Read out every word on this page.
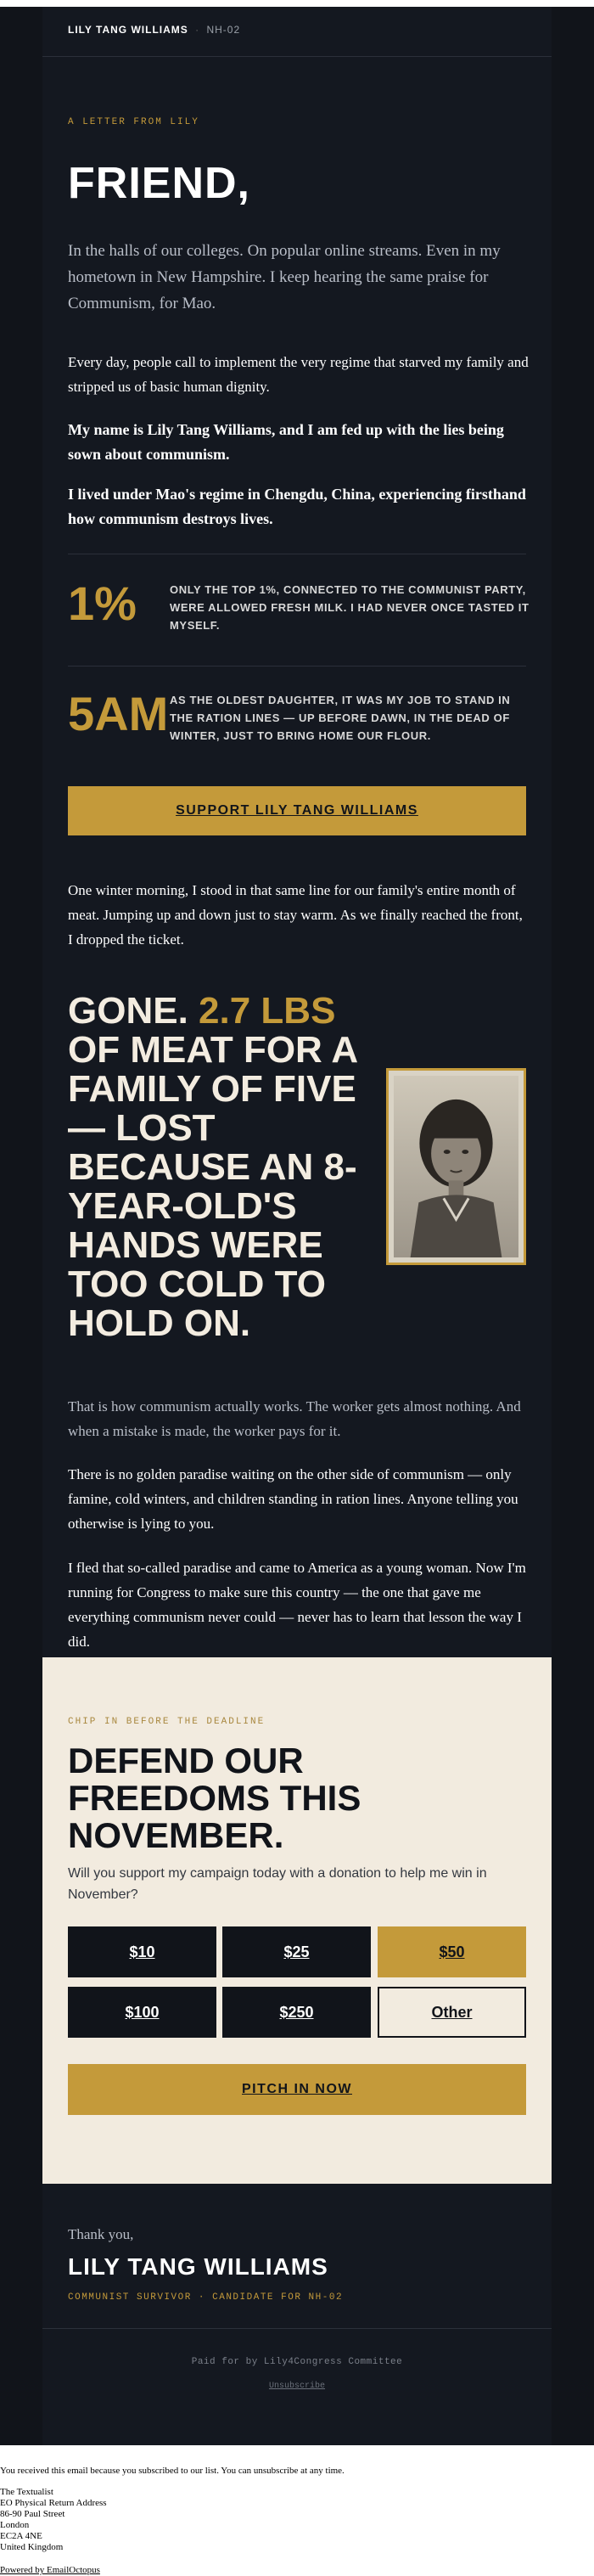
LILY TANG WILLIAMS · NH-02
A LETTER FROM LILY
FRIEND,
In the halls of our colleges. On popular online streams. Even in my hometown in New Hampshire. I keep hearing the same praise for Communism, for Mao.
Every day, people call to implement the very regime that starved my family and stripped us of basic human dignity.
My name is Lily Tang Williams, and I am fed up with the lies being sown about communism.
I lived under Mao's regime in Chengdu, China, experiencing firsthand how communism destroys lives.
1%	ONLY THE TOP 1%, CONNECTED TO THE COMMUNIST PARTY, WERE ALLOWED FRESH MILK. I HAD NEVER ONCE TASTED IT MYSELF.
5AM AS THE OLDEST DAUGHTER, IT WAS MY JOB TO STAND IN THE RATION LINES — UP BEFORE DAWN, IN THE DEAD OF WINTER, JUST TO BRING HOME OUR FLOUR.
SUPPORT LILY TANG WILLIAMS
One winter morning, I stood in that same line for our family's entire month of meat. Jumping up and down just to stay warm. As we finally reached the front, I dropped the ticket.
GONE. 2.7 LBS OF MEAT FOR A FAMILY OF FIVE — LOST BECAUSE AN 8-YEAR-OLD'S HANDS WERE TOO COLD TO HOLD ON.
That is how communism actually works. The worker gets almost nothing. And when a mistake is made, the worker pays for it.
There is no golden paradise waiting on the other side of communism — only famine, cold winters, and children standing in ration lines. Anyone telling you otherwise is lying to you.
I fled that so-called paradise and came to America as a young woman. Now I'm running for Congress to make sure this country — the one that gave me everything communism never could — never has to learn that lesson the way I did.
CHIP IN BEFORE THE DEADLINE
DEFEND OUR FREEDOMS THIS NOVEMBER.
Will you support my campaign today with a donation to help me win in November?
$10	$25	$50
$100	$250	Other
PITCH IN NOW
Thank you,
LILY TANG WILLIAMS
COMMUNIST SURVIVOR · CANDIDATE FOR NH-02
Paid for by Lily4Congress Committee
Unsubscribe
You received this email because you subscribed to our list. You can unsubscribe at any time.
The Textualist
EO Physical Return Address
86-90 Paul Street
London
EC2A 4NE
United Kingdom
Powered by EmailOctopus
